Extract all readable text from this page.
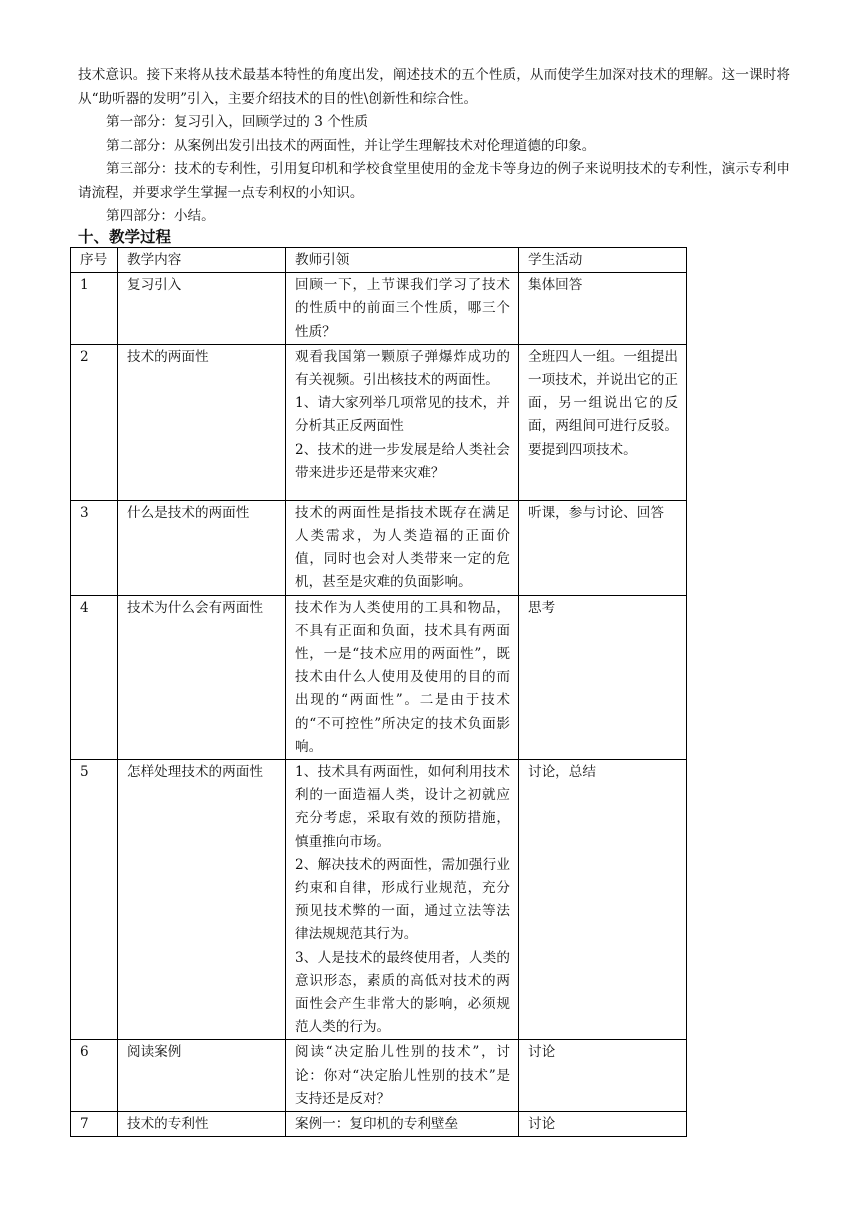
技术意识。接下来将从技术最基本特性的角度出发，阐述技术的五个性质，从而使学生加深对技术的理解。这一课时将从“助听器的发明”引入，主要介绍技术的目的性\创新性和综合性。

第一部分：复习引入，回顾学过的 3 个性质

第二部分：从案例出发引出技术的两面性，并让学生理解技术对伦理道德的印象。

第三部分：技术的专利性，引用复印机和学校食堂里使用的金龙卡等身边的例子来说明技术的专利性，演示专利申请流程，并要求学生掌握一点专利权的小知识。

第四部分：小结。

十、教学过程
序号	教学内容	教师引领	学生活动
1	复习引入	回顾一下，上节课我们学习了技术的性质中的前面三个性质，哪三个性质？	集体回答
2	技术的两面性	观看我国第一颗原子弹爆炸成功的有关视频。引出核技术的两面性。
1、请大家列举几项常见的技术，并分析其正反两面性
2、技术的进一步发展是给人类社会带来进步还是带来灾难？	全班四人一组。一组提出一项技术，并说出它的正面，另一组说出它的反面，两组间可进行反驳。要提到四项技术。
3	什么是技术的两面性	技术的两面性是指技术既存在满足人类需求，为人类造福的正面价值，同时也会对人类带来一定的危机，甚至是灾难的负面影响。	听课，参与讨论、回答
4	技术为什么会有两面性	技术作为人类使用的工具和物品，不具有正面和负面，技术具有两面性，一是“技术应用的两面性”，既技术由什么人使用及使用的目的而出现的“两面性”。二是由于技术的“不可控性”所决定的技术负面影响。	思考
5	怎样处理技术的两面性	1、技术具有两面性，如何利用技术利的一面造福人类，设计之初就应充分考虑，采取有效的预防措施，慎重推向市场。
2、解决技术的两面性，需加强行业约束和自律，形成行业规范，充分预见技术弊的一面，通过立法等法律法规规范其行为。
3、人是技术的最终使用者，人类的意识形态，素质的高低对技术的两面性会产生非常大的影响，必须规范人类的行为。	讨论，总结
6	阅读案例	阅读“决定胎儿性别的技术”，讨论：你对“决定胎儿性别的技术”是支持还是反对？	讨论
7	技术的专利性	案例一：复印机的专利壁垒	讨论
